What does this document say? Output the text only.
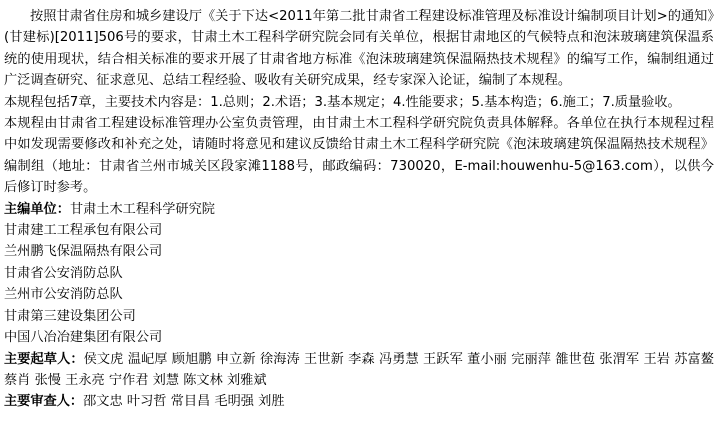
按照甘肃省住房和城乡建设厅《关于下达<2011年第二批甘肃省工程建设标准管理及标准设计编制项目计划>的通知》(甘建标)[2011]506号的要求，甘肃土木工程科学研究院会同有关单位，根据甘肃地区的气候特点和泡沫玻璃建筑保温系统的使用现状，结合相关标准的要求开展了甘肃省地方标准《泡沫玻璃建筑保温隔热技术规程》的编写工作，编制组通过广泛调查研究、征求意见、总结工程经验、吸收有关研究成果，经专家深入论证，编制了本规程。

本规程包括7章，主要技术内容是：1.总则；2.术语；3.基本规定；4.性能要求；5.基本构造；6.施工；7.质量验收。

本规程由甘肃省工程建设标准管理办公室负责管理，由甘肃土木工程科学研究院负责具体解释。各单位在执行本规程过程中如发现需要修改和补充之处，请随时将意见和建议反馈给甘肃土木工程科学研究院《泡沫玻璃建筑保温隔热技术规程》编制组（地址：甘肃省兰州市城关区段家滩1188号，邮政编码：730020，E-mail:houwenhu-5@163.com），以供今后修订时参考。

主编单位：甘肃土木工程科学研究院
甘肃建工工程承包有限公司
兰州鹏飞保温隔热有限公司
甘肃省公安消防总队
兰州市公安消防总队
甘肃第三建设集团公司
中国八冶冶建集团有限公司

主要起草人：侯文虎 温屺厚 顾旭鹏 申立新 徐海涛 王世新 李森 冯勇慧 王跃军 董小丽 完丽萍 雒世苞 张渭军 王岩 苏富鳌 蔡肖 张慢 王永亮 宁作君 刘慧 陈文林 刘雅斌

主要审查人：邵文忠 叶习哲 常目昌 毛明强 刘胜
